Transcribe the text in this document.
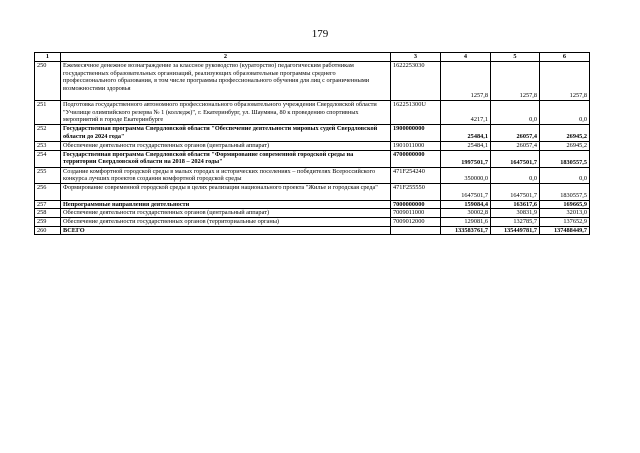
179
1	2	3	4	5	6
250	Ежемесячное денежное вознаграждение за классное руководство (кураторство) педагогическим работникам государственных образовательных организаций, реализующих образовательные программы среднего профессионального образования, в том числе программы профессионального обучения для лиц с ограниченными возможностями здоровья	1622253030	1257,8	1257,8	1257,8
251	Подготовка государственного автономного профессионального образовательного учреждения Свердловской области "Училище олимпийского резерва № 1 (колледж)", г. Екатеринбург, ул. Шаумяна, 80 к проведению спортивных мероприятий в городе Екатеринбурге	162251300U	4217,1	0,0	0,0
252	Государственная программа Свердловской области "Обеспечение деятельности мировых судей Свердловской области до 2024 года"	1900000000	25484,1	26057,4	26945,2
253	Обеспечение деятельности государственных органов (центральный аппарат)	1901011000	25484,1	26057,4	26945,2
254	Государственная программа Свердловской области "Формирование современной городской среды на территории Свердловской области на 2018 – 2024 годы"	4700000000	1997501,7	1647501,7	1830557,5
255	Создание комфортной городской среды в малых городах и исторических поселениях – победителях Всероссийского конкурса лучших проектов создания комфортной городской среды	471F254240	350000,0	0,0	0,0
256	Формирование современной городской среды в целях реализации национального проекта "Жилье и городская среда"	471F255550	1647501,7	1647501,7	1830557,5
257	Непрограммные направления деятельности	7000000000	159084,4	163617,6	169665,9
258	Обеспечение деятельности государственных органов (центральный аппарат)	7009011000	30002,8	30831,9	32013,0
259	Обеспечение деятельности государственных органов (территориальные органы)	7009012000	129081,6	132785,7	137652,9
260	ВСЕГО		133583761,7	135449781,7	137488449,7
